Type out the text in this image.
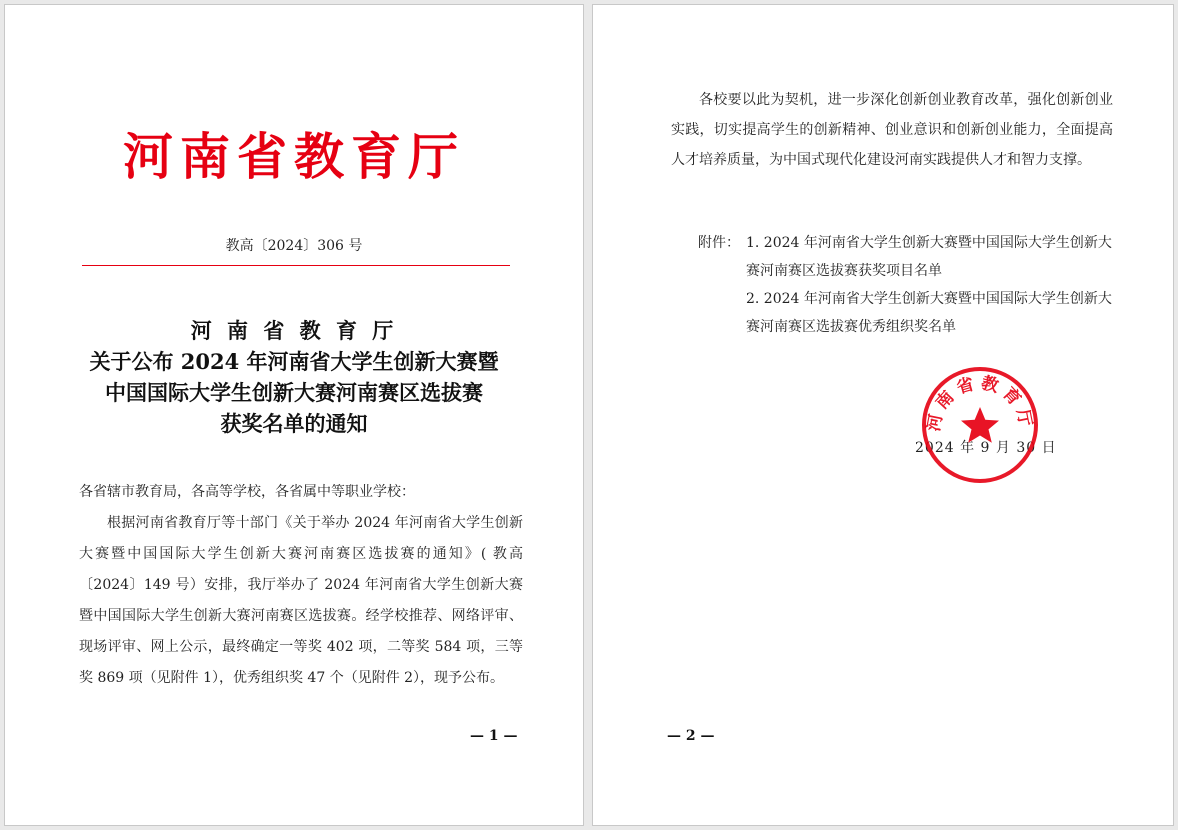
河南省教育厅
教高〔2024〕306 号
河 南 省 教 育 厅
关于公布 2024 年河南省大学生创新大赛暨
中国国际大学生创新大赛河南赛区选拔赛
获奖名单的通知
各省辖市教育局，各高等学校，各省属中等职业学校：
根据河南省教育厅等十部门《关于举办 2024 年河南省大学生创新大赛暨中国国际大学生创新大赛河南赛区选拔赛的通知》( 教高〔2024〕149 号）安排，我厅举办了 2024 年河南省大学生创新大赛暨中国国际大学生创新大赛河南赛区选拔赛。经学校推荐、网络评审、现场评审、网上公示，最终确定一等奖 402 项，二等奖 584 项，三等奖 869 项（见附件 1），优秀组织奖 47 个（见附件 2），现予公布。
— 1 —
各校要以此为契机，进一步深化创新创业教育改革，强化创新创业实践，切实提高学生的创新精神、创业意识和创新创业能力，全面提高人才培养质量，为中国式现代化建设河南实践提供人才和智力支撑。
附件： 1. 2024 年河南省大学生创新大赛暨中国国际大学生创新大赛河南赛区选拔赛获奖项目名单
2. 2024 年河南省大学生创新大赛暨中国国际大学生创新大赛河南赛区选拔赛优秀组织奖名单
2024 年 9 月 30 日
河南省教育厅
— 2 —
